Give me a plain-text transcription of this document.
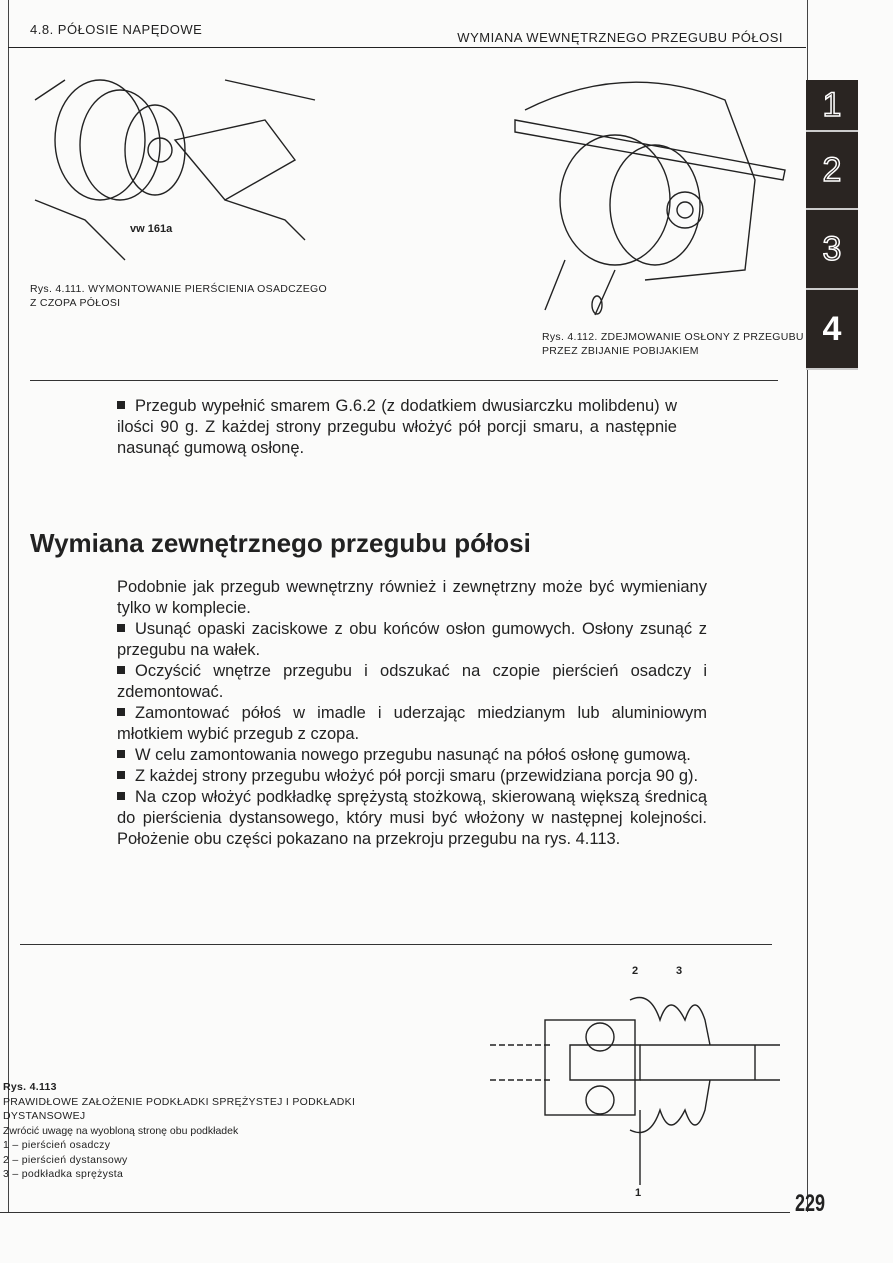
4.8. PÓŁOSIE NAPĘDOWE
WYMIANA WEWNĘTRZNEGO PRZEGUBU PÓŁOSI
1
2
3
4
vw 161a
Rys. 4.111. WYMONTOWANIE PIERŚCIENIA OSADCZEGO
Z CZOPA PÓŁOSI
Rys. 4.112. ZDEJMOWANIE OSŁONY Z PRZEGUBU
PRZEZ ZBIJANIE POBIJAKIEM
Przegub wypełnić smarem G.6.2 (z dodatkiem dwusiarczku molibdenu) w ilości 90 g. Z każdej strony przegubu włożyć pół porcji smaru, a następnie nasunąć gumową osłonę.
Wymiana zewnętrznego przegubu półosi

Podobnie jak przegub wewnętrzny również i zewnętrzny może być wymieniany tylko w komplecie.

Usunąć opaski zaciskowe z obu końców osłon gumowych. Osłony zsunąć z przegubu na wałek.

Oczyścić wnętrze przegubu i odszukać na czopie pierścień osadczy i zdemontować.

Zamontować półoś w imadle i uderzając miedzianym lub aluminiowym młotkiem wybić przegub z czopa.

W celu zamontowania nowego przegubu nasunąć na półoś osłonę gumową.

Z każdej strony przegubu włożyć pół porcji smaru (przewidziana porcja 90 g).

Na czop włożyć podkładkę sprężystą stożkową, skierowaną większą średnicą do pierścienia dystansowego, który musi być włożony w następnej kolejności. Położenie obu części pokazano na przekroju przegubu na rys. 4.113.

2	3
1
Rys. 4.113
PRAWIDŁOWE ZAŁOŻENIE PODKŁADKI SPRĘŻYSTEJ I PODKŁADKI
DYSTANSOWEJ
Zwrócić uwagę na wyobloną stronę obu podkładek
1 – pierścień osadczy
2 – pierścień dystansowy
3 – podkładka sprężysta
229
